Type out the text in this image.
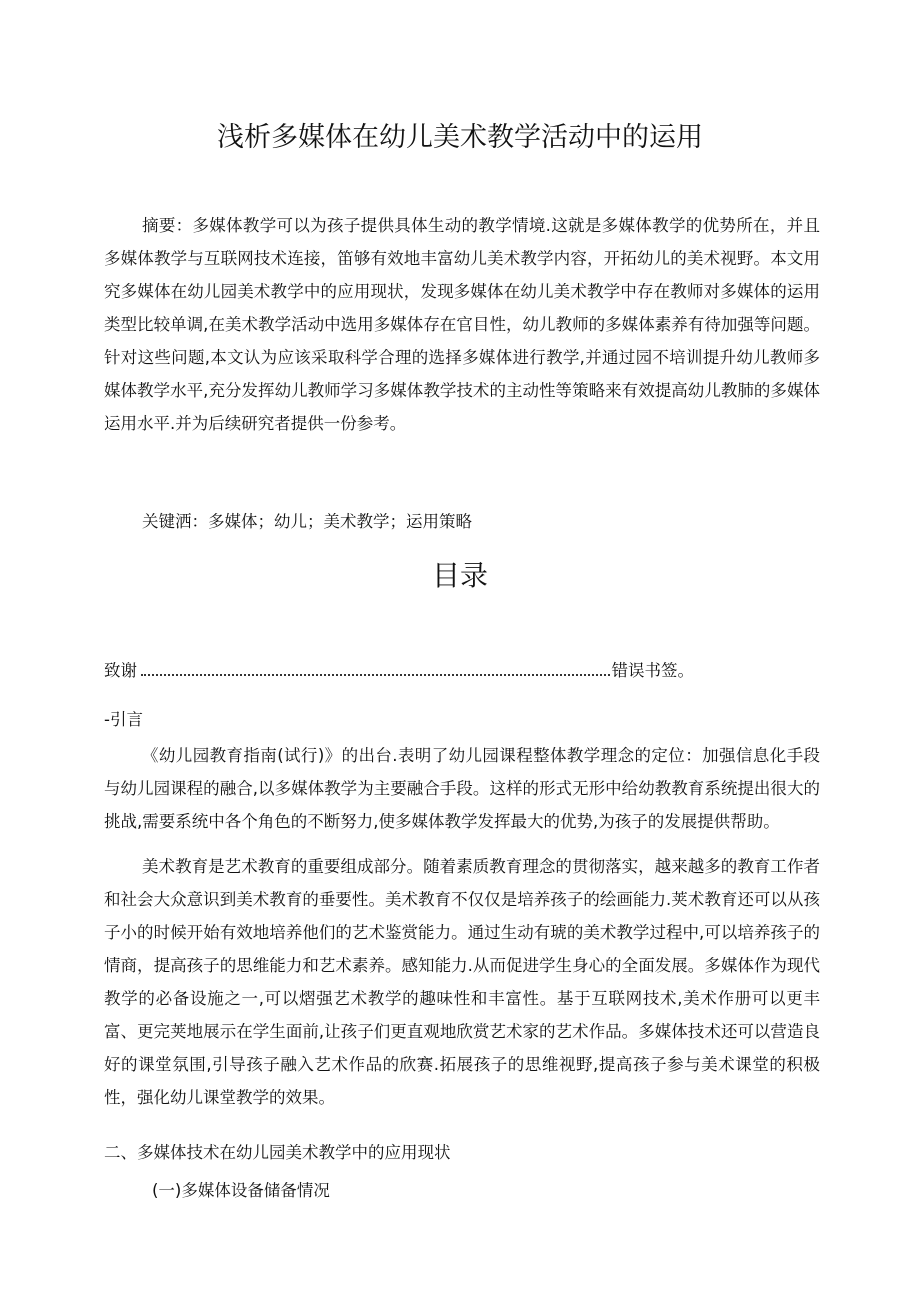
浅析多媒体在幼儿美术教学活动中的运用

摘要：多媒体教学可以为孩子提供具体生动的教学情境.这就是多媒体教学的优势所在，并且多媒体教学与互联网技术连接，笛够有效地丰富幼儿美术教学内容，开拓幼儿的美术视野。本文用究多媒体在幼儿园美术教学中的应用现状，发现多媒体在幼儿美术教学中存在教师对多媒体的运用类型比较单调,在美术教学活动中选用多媒体存在官目性，幼儿教师的多媒体素养有待加强等问题。针对这些问题,本文认为应该采取科学合理的选择多媒体进行教学,并通过园不培训提升幼儿教师多媒体教学水平,充分发挥幼儿教师学习多媒体教学技术的主动性等策略来有效提高幼儿教肺的多媒体运用水平.并为后续研究者提供一份参考。

关键洒：多媒体；幼儿；美术教学；运用策略
目录
致谢	错误书签。
-引言

《幼儿园教育指南(试行)》的出台.表明了幼儿园课程整体教学理念的定位：加强信息化手段与幼儿园课程的融合,以多媒体教学为主要融合手段。这样的形式无形中给幼教教育系统提出很大的挑战,需要系统中各个角色的不断努力,使多媒体教学发挥最大的优势,为孩子的发展提供帮助。

美术教育是艺术教育的重要组成部分。随着素质教育理念的贯彻落实，越来越多的教育工作者和社会大众意识到美术教育的垂要性。美术教育不仅仅是培养孩子的绘画能力.荚术教育还可以从孩子小的时候开始有效地培养他们的艺术鉴赏能力。通过生动有琥的美术教学过程中,可以培养孩子的情商，提高孩子的思维能力和艺术素养。感知能力.从而促进学生身心的全面发展。多媒体作为现代教学的必备设施之一,可以熠强艺术教学的趣味性和丰富性。基于互联网技术,美术作册可以更丰富、更完荚地展示在学生面前,让孩子们更直观地欣赏艺术家的艺术作品。多媒体技术还可以营造良好的课堂氛围,引导孩子融入艺术作品的欣赛.拓展孩子的思维视野,提高孩子参与美术课堂的积极性，强化幼儿课堂教学的效果。

二、多媒体技术在幼儿园美术教学中的应用现状
(一)多媒体设备储备情况
